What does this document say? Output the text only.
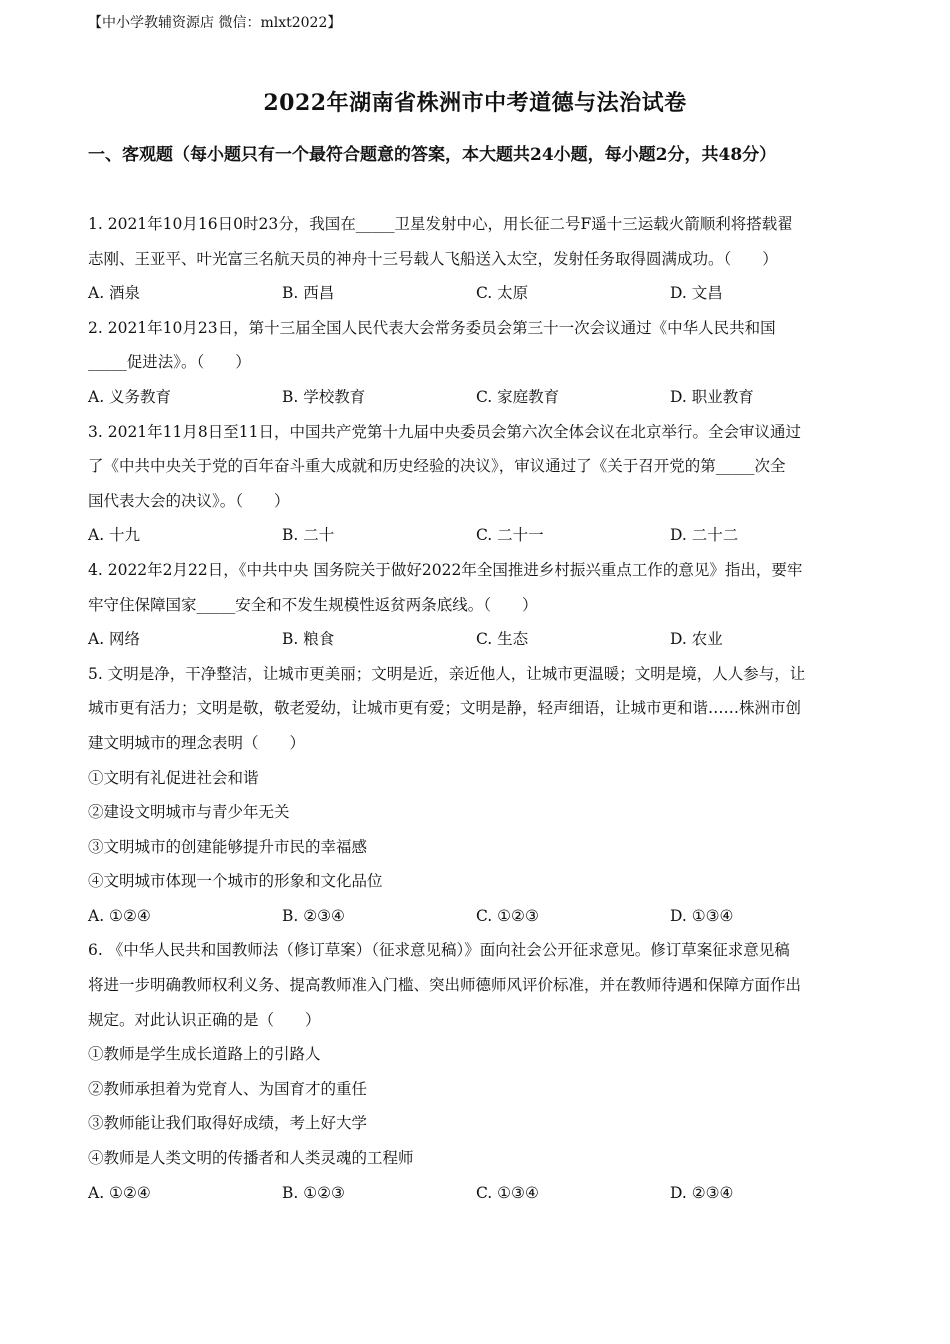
【中小学教辅资源店 微信：mlxt2022】
2022年湖南省株洲市中考道德与法治试卷
一、客观题（每小题只有一个最符合题意的答案，本大题共24小题，每小题2分，共48分）
1. 2021年10月16日0时23分，我国在_____卫星发射中心，用长征二号F遥十三运载火箭顺利将搭载翟
志刚、王亚平、叶光富三名航天员的神舟十三号载人飞船送入太空，发射任务取得圆满成功。（　　）
A. 酒泉	B. 西昌	C. 太原	D. 文昌
2. 2021年10月23日，第十三届全国人民代表大会常务委员会第三十一次会议通过《中华人民共和国
_____促进法》。（　　）
A. 义务教育	B. 学校教育	C. 家庭教育	D. 职业教育
3. 2021年11月8日至11日，中国共产党第十九届中央委员会第六次全体会议在北京举行。全会审议通过
了《中共中央关于党的百年奋斗重大成就和历史经验的决议》，审议通过了《关于召开党的第_____次全
国代表大会的决议》。（　　）
A. 十九	B. 二十	C. 二十一	D. 二十二
4. 2022年2月22日，《中共中央 国务院关于做好2022年全国推进乡村振兴重点工作的意见》指出，要牢
牢守住保障国家_____安全和不发生规模性返贫两条底线。（　　）
A. 网络	B. 粮食	C. 生态	D. 农业
5. 文明是净，干净整洁，让城市更美丽；文明是近，亲近他人，让城市更温暖；文明是境，人人参与，让
城市更有活力；文明是敬，敬老爱幼，让城市更有爱；文明是静，轻声细语，让城市更和谐……株洲市创
建文明城市的理念表明（　　）
①文明有礼促进社会和谐
②建设文明城市与青少年无关
③文明城市的创建能够提升市民的幸福感
④文明城市体现一个城市的形象和文化品位
A. ①②④	B. ②③④	C. ①②③	D. ①③④
6. 《中华人民共和国教师法（修订草案）（征求意见稿）》面向社会公开征求意见。修订草案征求意见稿
将进一步明确教师权利义务、提高教师准入门槛、突出师德师风评价标准，并在教师待遇和保障方面作出
规定。对此认识正确的是（　　）
①教师是学生成长道路上的引路人
②教师承担着为党育人、为国育才的重任
③教师能让我们取得好成绩，考上好大学
④教师是人类文明的传播者和人类灵魂的工程师
A. ①②④	B. ①②③	C. ①③④	D. ②③④
